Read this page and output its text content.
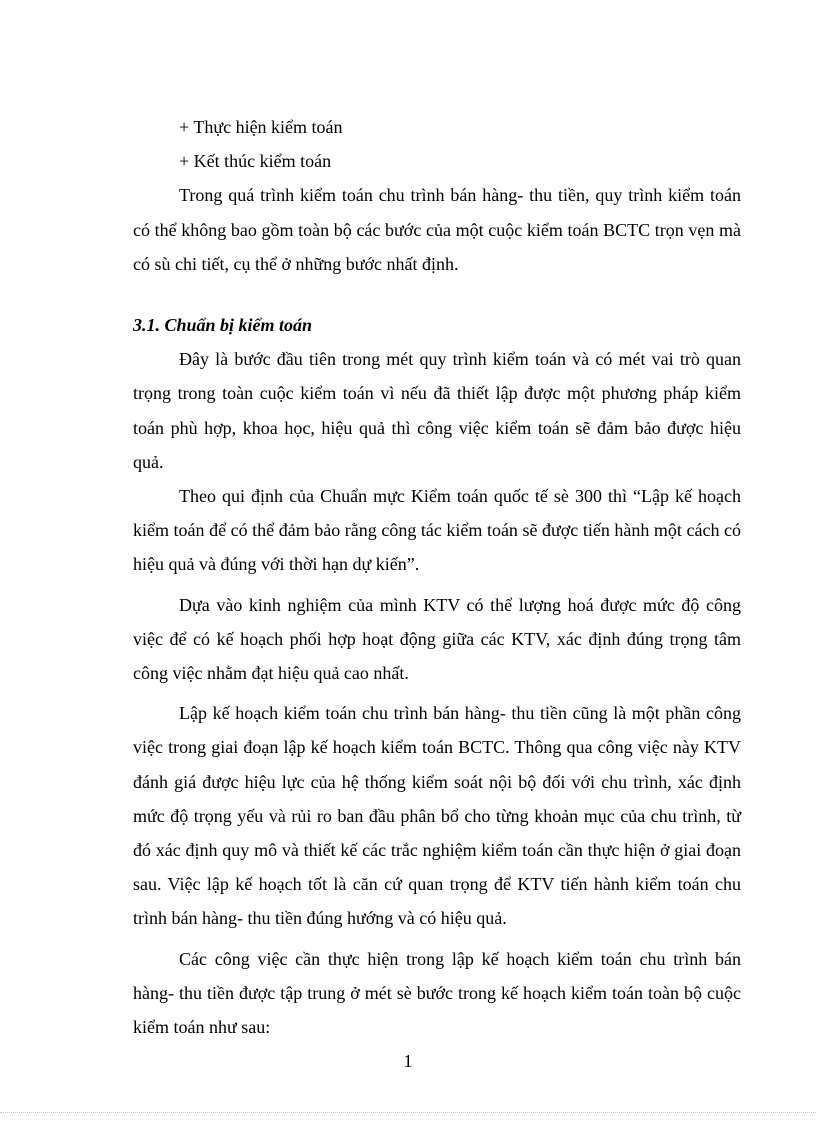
+ Thực hiện kiểm toán

+ Kết thúc kiểm toán

Trong quá trình kiểm toán chu trình bán hàng- thu tiền, quy trình kiểm toán có thể không bao gồm toàn bộ các bước của một cuộc kiểm toán BCTC trọn vẹn mà có sù chi tiết, cụ thể ở những bước nhất định.

3.1. Chuẩn bị kiểm toán

Đây là bước đầu tiên trong mét quy trình kiểm toán và có mét vai trò quan trọng trong toàn cuộc kiểm toán vì nếu đã thiết lập được một phương pháp kiểm toán phù hợp, khoa học, hiệu quả thì công việc kiểm toán sẽ đảm bảo được hiệu quả.

Theo qui định của Chuẩn mực Kiểm toán quốc tế sè 300 thì “Lập kế hoạch kiểm toán để có thể đảm bảo rằng công tác kiểm toán sẽ được tiến hành một cách có hiệu quả và đúng với thời hạn dự kiến”.

Dựa vào kinh nghiệm của mình KTV có thể lượng hoá được mức độ công việc để có kế hoạch phối hợp hoạt động giữa các KTV, xác định đúng trọng tâm công việc nhằm đạt hiệu quả cao nhất.

Lập kế hoạch kiểm toán chu trình bán hàng- thu tiền cũng là một phần công việc trong giai đoạn lập kế hoạch kiểm toán BCTC. Thông qua công việc này KTV đánh giá được hiệu lực của hệ thống kiểm soát nội bộ đối với chu trình, xác định mức độ trọng yếu và rủi ro ban đầu phân bổ cho từng khoản mục của chu trình, từ đó xác định quy mô và thiết kế các trắc nghiệm kiểm toán cần thực hiện ở giai đoạn sau. Việc lập kế hoạch tốt là căn cứ quan trọng để KTV tiến hành kiểm toán chu trình bán hàng- thu tiền đúng hướng và có hiệu quả.

Các công việc cần thực hiện trong lập kế hoạch kiểm toán chu trình bán hàng- thu tiền được tập trung ở mét sè bước trong kế hoạch kiểm toán toàn bộ cuộc kiểm toán như sau:

1
